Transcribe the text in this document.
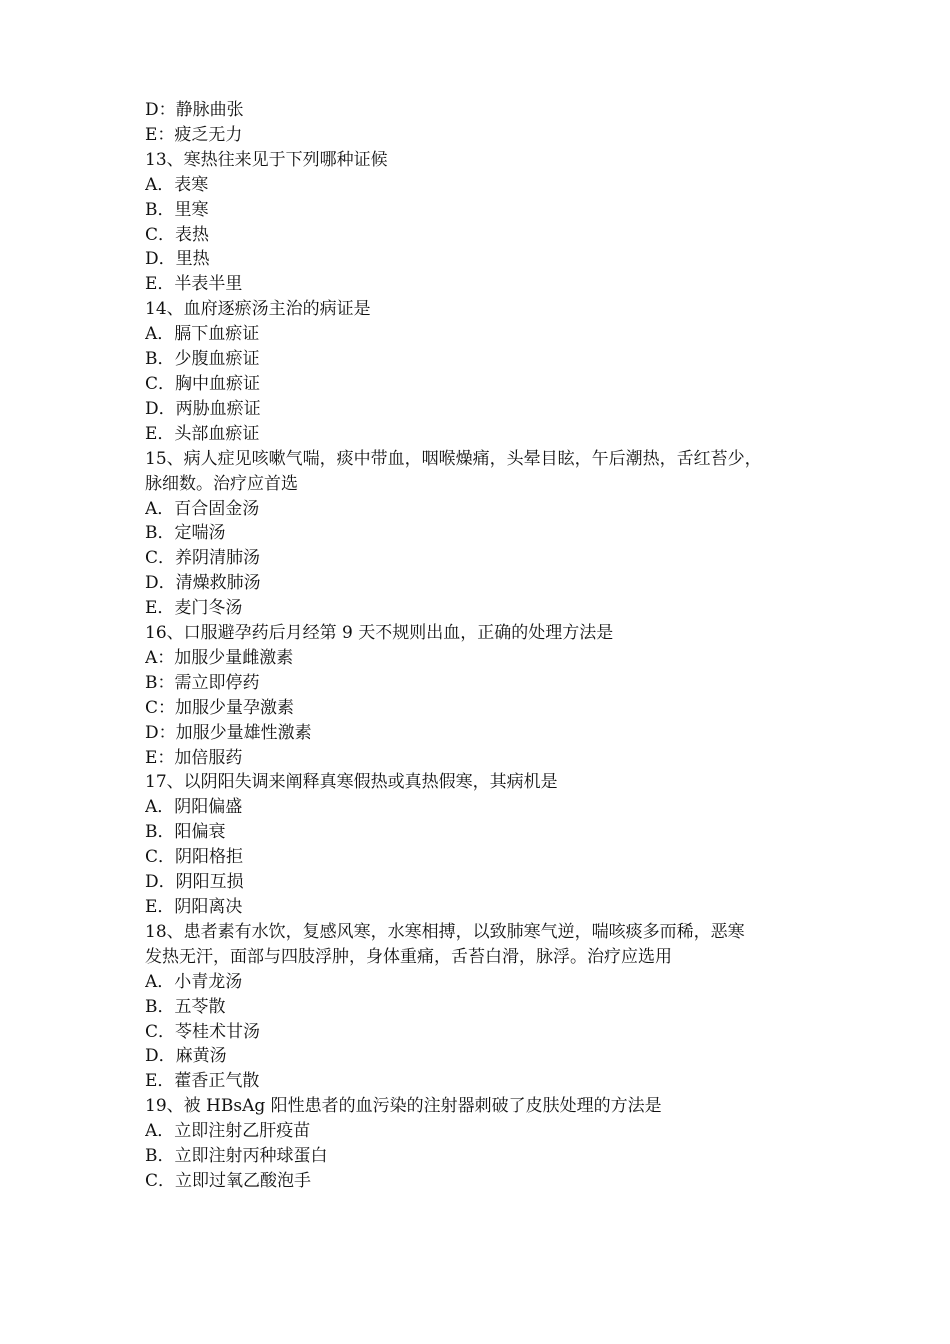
D：静脉曲张
E：疲乏无力
13、寒热往来见于下列哪种证候
A．表寒
B．里寒
C．表热
D．里热
E．半表半里
14、血府逐瘀汤主治的病证是
A．膈下血瘀证
B．少腹血瘀证
C．胸中血瘀证
D．两胁血瘀证
E．头部血瘀证
15、病人症见咳嗽气喘，痰中带血，咽喉燥痛，头晕目眩，午后潮热，舌红苔少，
脉细数。治疗应首选
A．百合固金汤
B．定喘汤
C．养阴清肺汤
D．清燥救肺汤
E．麦门冬汤
16、口服避孕药后月经第 9 天不规则出血，正确的处理方法是
A：加服少量雌激素
B：需立即停药
C：加服少量孕激素
D：加服少量雄性激素
E：加倍服药
17、以阴阳失调来阐释真寒假热或真热假寒，其病机是
A．阴阳偏盛
B．阳偏衰
C．阴阳格拒
D．阴阳互损
E．阴阳离决
18、患者素有水饮，复感风寒，水寒相搏，以致肺寒气逆，喘咳痰多而稀，恶寒
发热无汗，面部与四肢浮肿，身体重痛，舌苔白滑，脉浮。治疗应选用
A．小青龙汤
B．五苓散
C．苓桂术甘汤
D．麻黄汤
E．藿香正气散
19、被 HBsAg 阳性患者的血污染的注射器刺破了皮肤处理的方法是
A．立即注射乙肝疫苗
B．立即注射丙种球蛋白
C．立即过氧乙酸泡手
